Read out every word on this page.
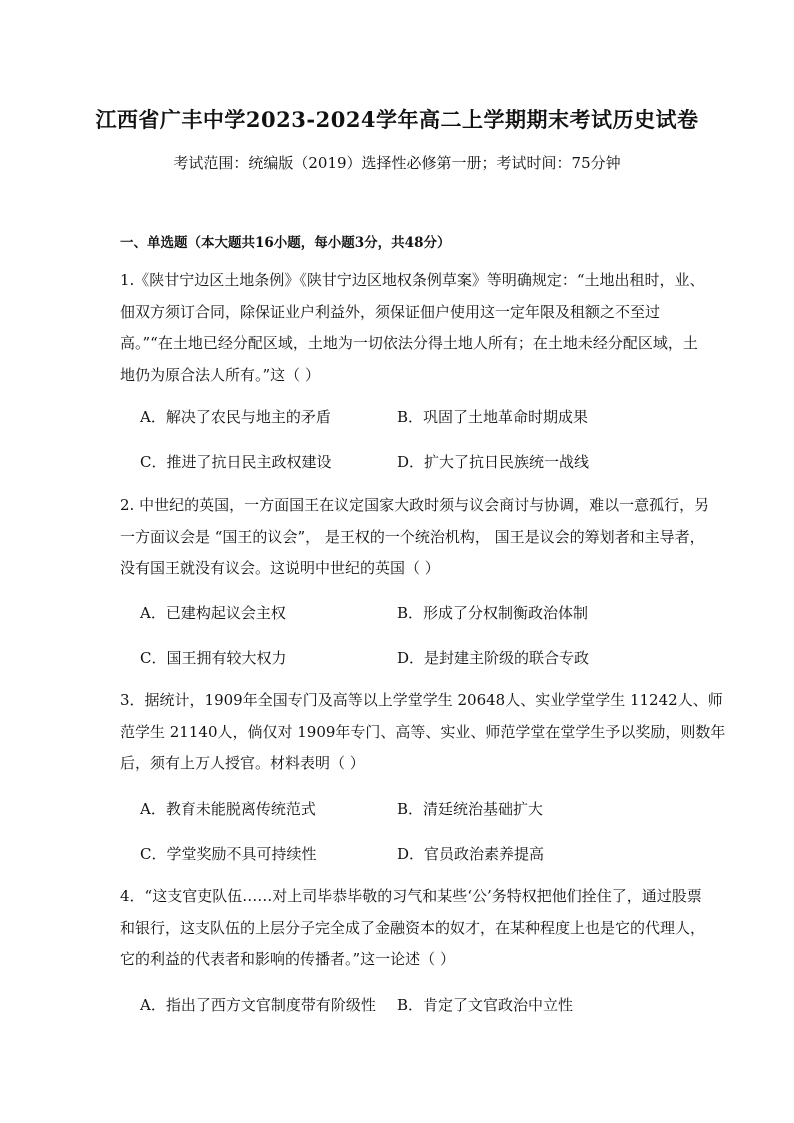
江西省广丰中学2023-2024学年高二上学期期末考试历史试卷
考试范围：统编版（2019）选择性必修第一册；考试时间：75分钟
一、单选题（本大题共16小题，每小题3分，共48分）

1.《陕甘宁边区土地条例》《陕甘宁边区地权条例草案》等明确规定：“土地出租时，业、

佃双方须订合同，除保证业户利益外，须保证佃户使用这一定年限及租额之不至过

高。”“在土地已经分配区域，土地为一切依法分得土地人所有；在土地未经分配区域，土

地仍为原合法人所有。”这（ ）

A．解决了农民与地主的矛盾	B．巩固了土地革命时期成果
C．推进了抗日民主政权建设	D．扩大了抗日民族统一战线

2. 中世纪的英国，一方面国王在议定国家大政时须与议会商讨与协调，难以一意孤行，另

一方面议会是 “国王的议会”， 是王权的一个统治机构， 国王是议会的筹划者和主导者，

没有国王就没有议会。这说明中世纪的英国（ ）

A．已建构起议会主权	B．形成了分权制衡政治体制
C．国王拥有较大权力	D．是封建主阶级的联合专政

3．据统计，1909年全国专门及高等以上学堂学生 20648人、实业学堂学生 11242人、师

范学生 21140人，倘仅对 1909年专门、高等、实业、师范学堂在堂学生予以奖励，则数年

后，须有上万人授官。材料表明（ ）

A．教育未能脱离传统范式	B．清廷统治基础扩大
C．学堂奖励不具可持续性	D．官员政治素养提高

4．“这支官吏队伍……对上司毕恭毕敬的习气和某些‘公’务特权把他们拴住了，通过股票

和银行，这支队伍的上层分子完全成了金融资本的奴才，在某种程度上也是它的代理人，

它的利益的代表者和影响的传播者。”这一论述（ ）

A．指出了西方文官制度带有阶级性 B．肯定了文官政治中立性
